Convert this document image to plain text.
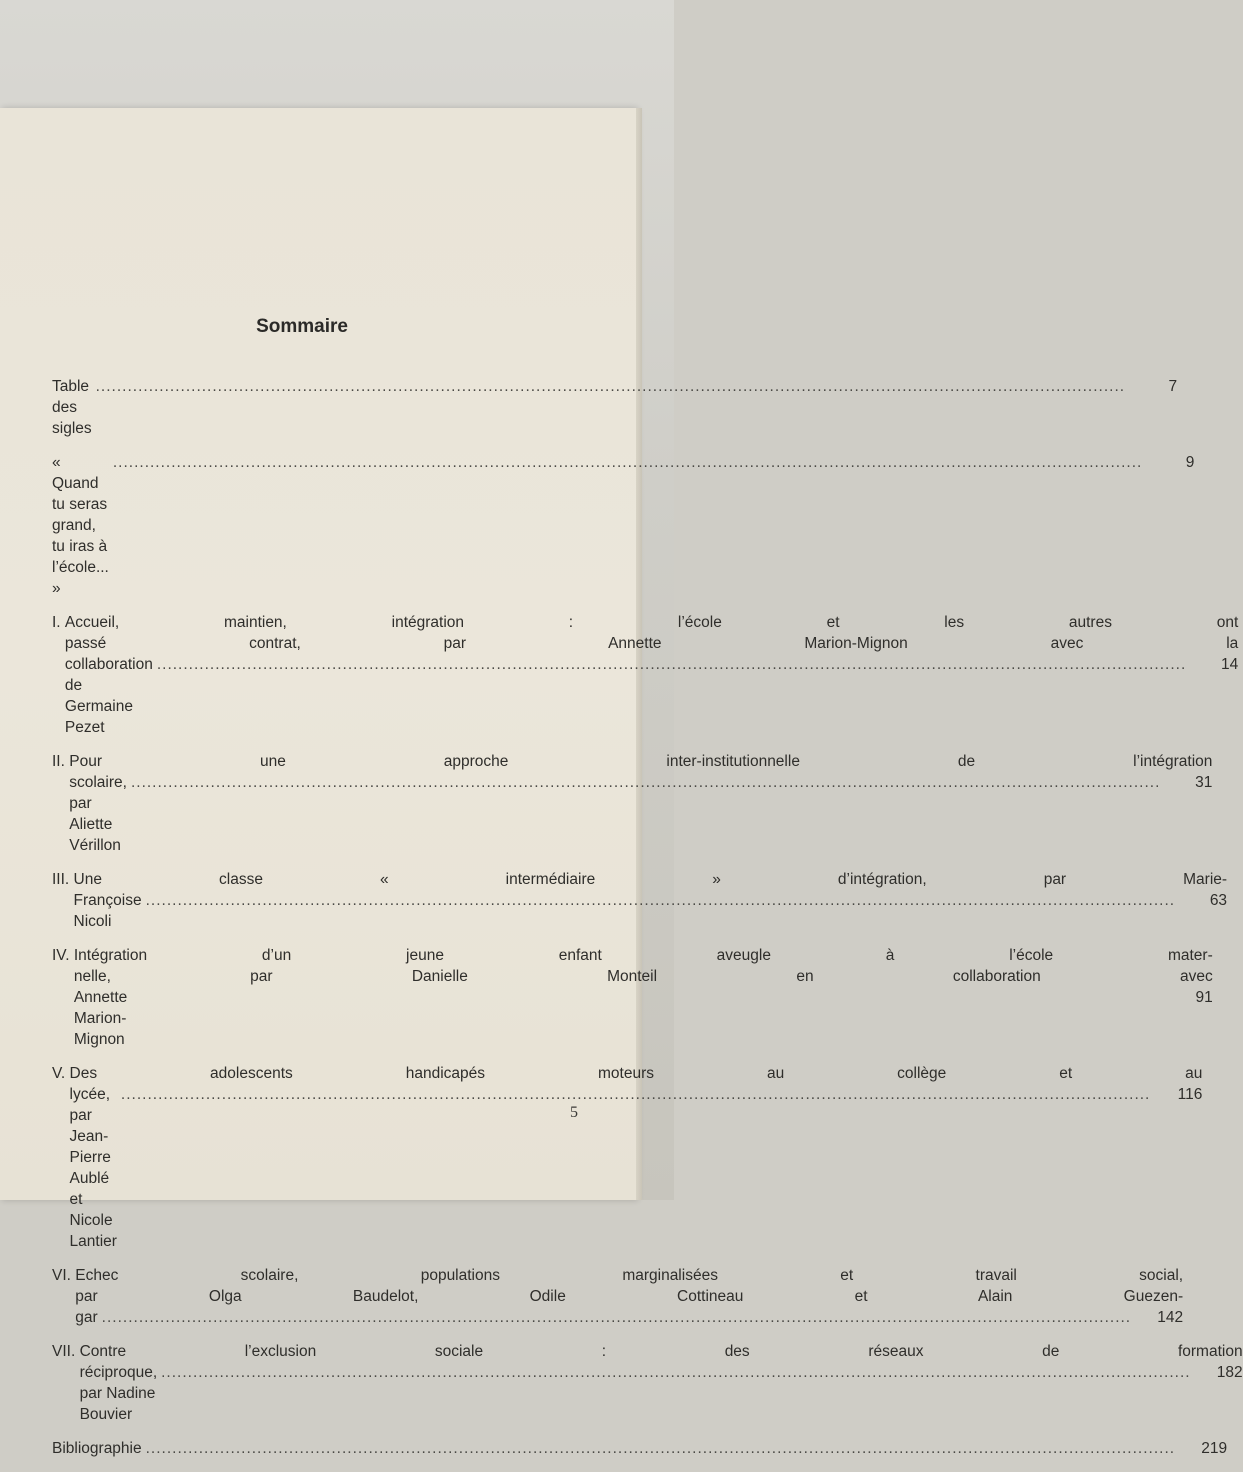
Sommaire
Table des sigles
.....
7
« Quand tu seras grand, tu iras à l’école... »
.....
9
I. Accueil, maintien, intégration : l’école et les autres ont
passé contrat, par Annette Marion-Mignon avec la
collaboration de Germaine Pezet
.....
14
II. Pour une approche inter-institutionnelle de l’intégration
scolaire, par Aliette Vérillon
.....
31
III. Une classe « intermédiaire » d’intégration, par Marie-
Françoise Nicoli
.....
63
IV. Intégration d’un jeune enfant aveugle à l’école mater-
nelle, par Danielle Monteil en collaboration avec
Annette Marion-Mignon
91
V. Des adolescents handicapés moteurs au collège et au
lycée, par Jean-Pierre Aublé et Nicole Lantier
.....
116
VI. Echec scolaire, populations marginalisées et travail social,
par Olga Baudelot, Odile Cottineau et Alain Guezen-
gar .....	142
VII. Contre l’exclusion sociale : des réseaux de formation
réciproque, par Nadine Bouvier
.....
182
Bibliographie .....	219
5
